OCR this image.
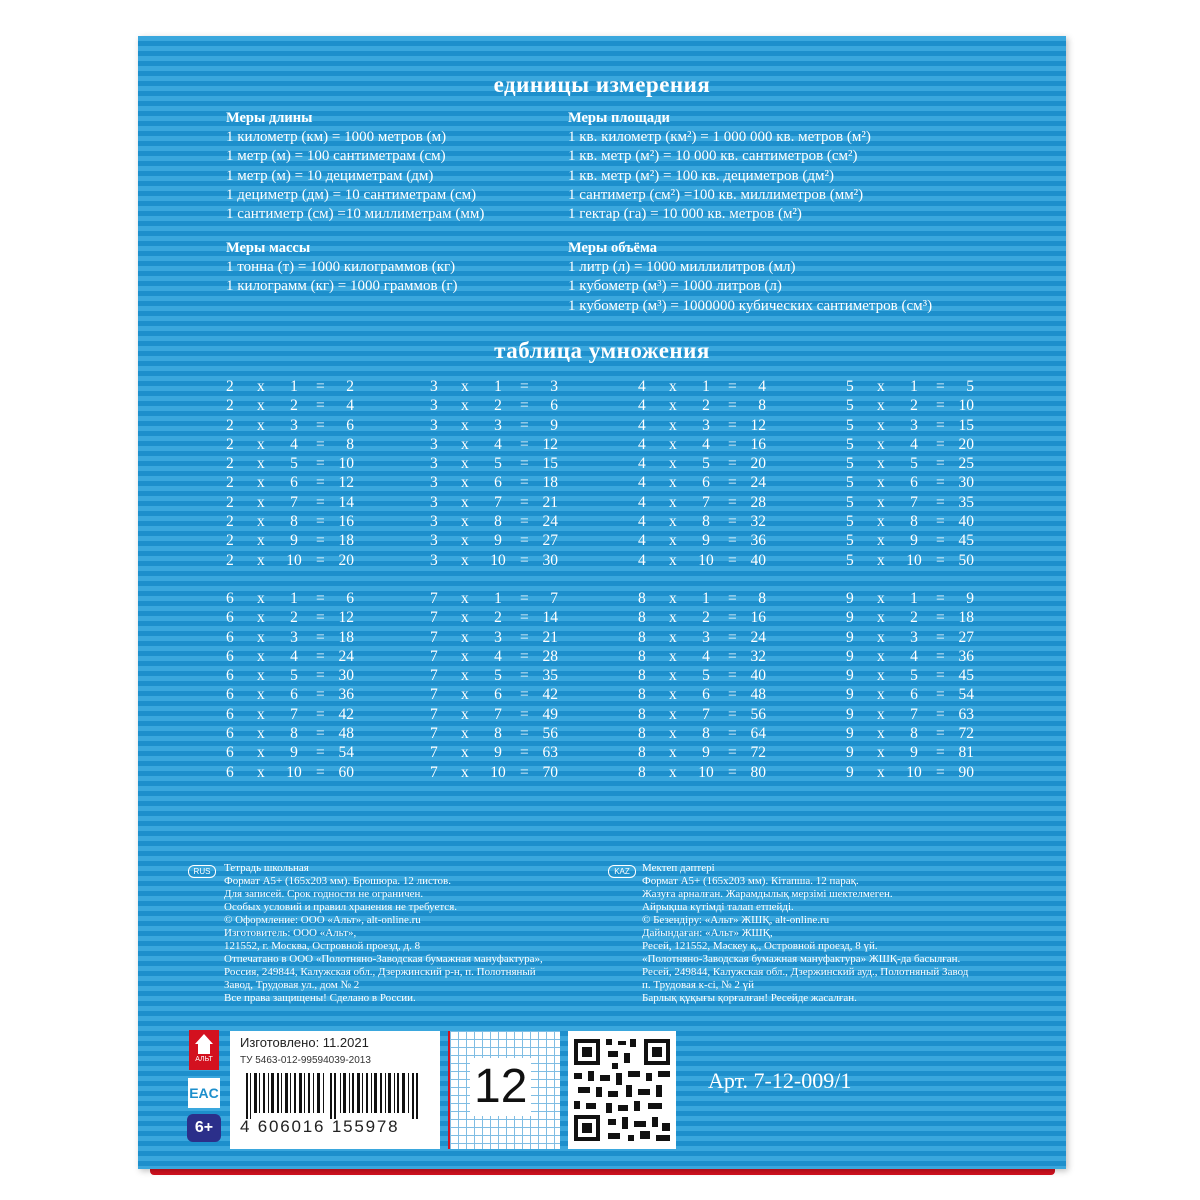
единицы измерения
Меры длины
1 километр (км) = 1000 метров (м)
1 метр (м) = 100 сантиметрам (см)
1 метр (м) = 10 дециметрам (дм)
1 дециметр (дм) = 10 сантиметрам (см)
1 сантиметр (см) =10 миллиметрам (мм)
Меры площади
1 кв. километр (км²) = 1 000 000 кв. метров (м²)
1 кв. метр (м²) = 10 000 кв. сантиметров (см²)
1 кв. метр (м²) = 100 кв. дециметров (дм²)
1 сантиметр (см²) =100 кв. миллиметров (мм²)
1 гектар (га) = 10 000 кв. метров (м²)
Меры массы
1 тонна (т) = 1000 килограммов (кг)
1 килограмм (кг) = 1000 граммов (г)
Меры объёма
1 литр (л) = 1000 миллилитров (мл)
1 кубометр (м³) = 1000 литров (л)
1 кубометр (м³) = 1000000 кубических сантиметров (см³)
таблица умножения
2	x	1	=	2
2	x	2	=	4
2	x	3	=	6
2	x	4	=	8
2	x	5	= 10
2	x	6	= 12
2	x	7	= 14
2	x	8	= 16
2	x	9	= 18
2	x 10 = 20
3	x	1	=	3
3	x	2	=	6
3	x	3	=	9
3	x	4	= 12
3	x	5	= 15
3	x	6	= 18
3	x	7	= 21
3	x	8	= 24
3	x	9	= 27
3	x 10 = 30
4	x	1	=	4
4	x	2	=	8
4	x	3	= 12
4	x	4	= 16
4	x	5	= 20
4	x	6	= 24
4	x	7	= 28
4	x	8	= 32
4	x	9	= 36
4	x 10 = 40
5	x	1	=	5
5	x	2	= 10
5	x	3	= 15
5	x	4	= 20
5	x	5	= 25
5	x	6	= 30
5	x	7	= 35
5	x	8	= 40
5	x	9	= 45
5	x 10 = 50
6	x	1	=	6
6	x	2	= 12
6	x	3	= 18
6	x	4	= 24
6	x	5	= 30
6	x	6	= 36
6	x	7	= 42
6	x	8	= 48
6	x	9	= 54
6	x 10 = 60
7	x	1	=	7
7	x	2	= 14
7	x	3	= 21
7	x	4	= 28
7	x	5	= 35
7	x	6	= 42
7	x	7	= 49
7	x	8	= 56
7	x	9	= 63
7	x 10 = 70
8	x	1	=	8
8	x	2	= 16
8	x	3	= 24
8	x	4	= 32
8	x	5	= 40
8	x	6	= 48
8	x	7	= 56
8	x	8	= 64
8	x	9	= 72
8	x 10 = 80
9	x	1	=	9
9	x	2	= 18
9	x	3	= 27
9	x	4	= 36
9	x	5	= 45
9	x	6	= 54
9	x	7	= 63
9	x	8	= 72
9	x	9	= 81
9	x 10 = 90
RUS	Тетрадь школьная
Формат А5+ (165х203 мм). Брошюра. 12 листов.
Для записей. Срок годности не ограничен.
Особых условий и правил хранения не требуется.
© Оформление: ООО «Альт», alt-online.ru
Изготовитель: ООО «Альт»,
121552, г. Москва, Островной проезд, д. 8
Отпечатано в ООО «Полотняно-Заводская бумажная мануфактура»,
Россия, 249844, Калужская обл., Дзержинский р-н, п. Полотняный
Завод, Трудовая ул., дом № 2
Все права защищены! Сделано в России.
KAZ	Мектеп дәптері
Формат А5+ (165х203 мм). Кітапша. 12 парақ.
Жазуға арналған. Жарамдылық мерзімі шектелмеген.
Айрықша күтімді талап етпейді.
© Безендіру: «Альт» ЖШҚ, alt-online.ru
Дайындаған: «Альт» ЖШҚ,
Ресей, 121552, Мәскеу қ., Островной проезд, 8 үй.
«Полотняно-Заводская бумажная мануфактура» ЖШҚ-да басылған.
Ресей, 249844, Калужская обл., Дзержинский ауд., Полотняный Завод
п. Трудовая к-сі, № 2 үй
Барлық құқығы қорғалған! Ресейде жасалған.
АЛЬТ
EAC
6+
Изготовлено: 11.2021
ТУ 5463-012-99594039-2013
4 606016 155978
12	Арт. 7-12-009/1
